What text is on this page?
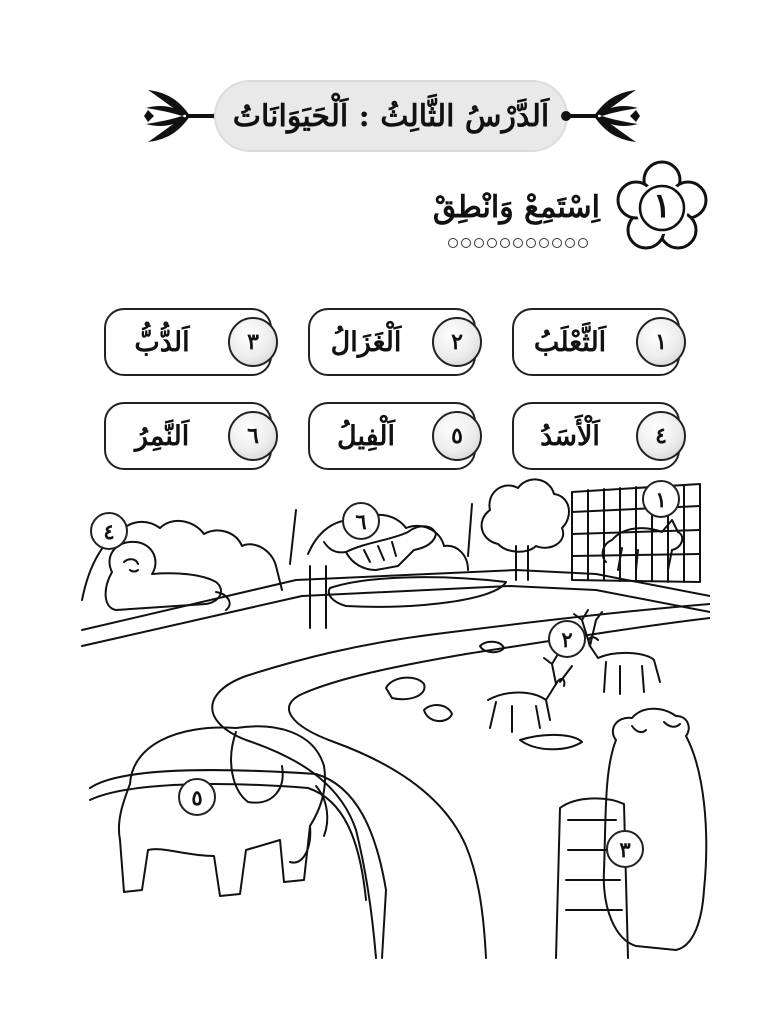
اَلدَّرْسُ الثَّالِثُ : اَلْحَيَوَانَاتُ
١
اِسْتَمِعْ وَانْطِقْ
اَلثَّعْلَبُ	١
اَلْغَزَالُ	٢
اَلدُّبُّ	٣
اَلْأَسَدُ	٤
اَلْفِيلُ	٥
اَلنَّمِرُ	٦
١
٢
٣
٤
٥
٦
